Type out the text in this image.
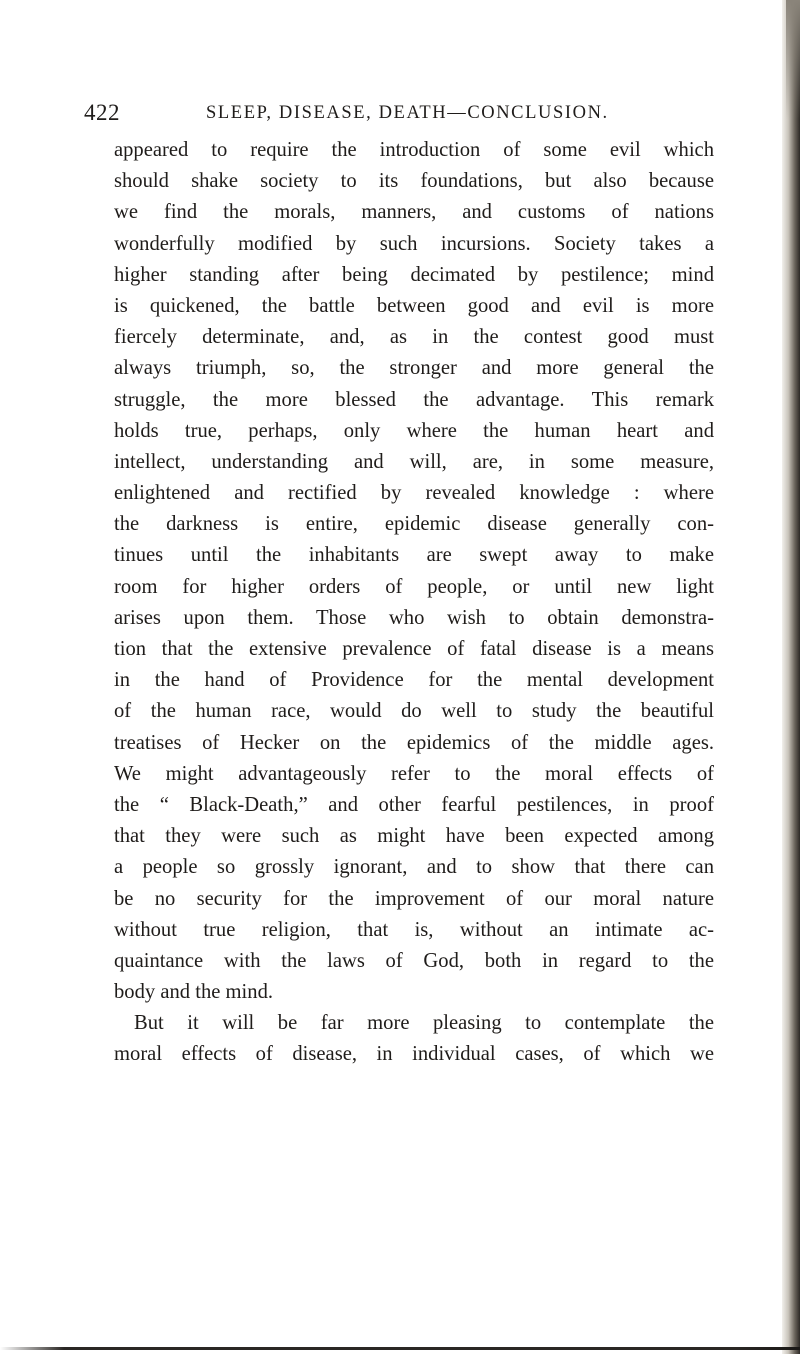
422	SLEEP, DISEASE, DEATH—CONCLUSION.
appeared to require the introduction of some evil which
should shake society to its foundations, but also because
we find the morals, manners, and customs of nations
wonderfully modified by such incursions. Society takes a
higher standing after being decimated by pestilence; mind
is quickened, the battle between good and evil is more
fiercely determinate, and, as in the contest good must
always triumph, so, the stronger and more general the
struggle, the more blessed the advantage. This remark
holds true, perhaps, only where the human heart and
intellect, understanding and will, are, in some measure,
enlightened and rectified by revealed knowledge : where
the darkness is entire, epidemic disease generally con-
tinues until the inhabitants are swept away to make
room for higher orders of people, or until new light
arises upon them. Those who wish to obtain demonstra-
tion that the extensive prevalence of fatal disease is a means
in the hand of Providence for the mental development
of the human race, would do well to study the beautiful
treatises of Hecker on the epidemics of the middle ages.
We might advantageously refer to the moral effects of
the “ Black-Death,” and other fearful pestilences, in proof
that they were such as might have been expected among
a people so grossly ignorant, and to show that there can
be no security for the improvement of our moral nature
without true religion, that is, without an intimate ac-
quaintance with the laws of God, both in regard to the
body and the mind.
But it will be far more pleasing to contemplate the
moral effects of disease, in individual cases, of which we
